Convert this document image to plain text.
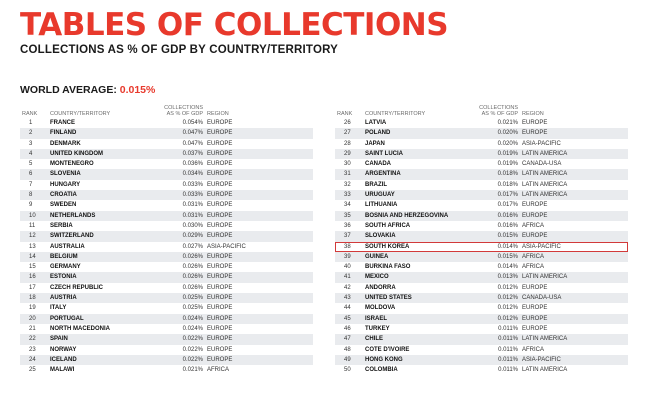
TABLES OF COLLECTIONS
COLLECTIONS AS % OF GDP BY COUNTRY/TERRITORY
WORLD AVERAGE: 0.015%
RANK COUNTRY/TERRITORY
COLLECTIONS
AS % OF GDP REGION
1	FRANCE	0.054% EUROPE
2	FINLAND	0.047% EUROPE
3	DENMARK	0.047% EUROPE
4	UNITED KINGDOM	0.037% EUROPE
5	MONTENEGRO	0.036% EUROPE
6	SLOVENIA	0.034% EUROPE
7	HUNGARY	0.033% EUROPE
8	CROATIA	0.033% EUROPE
9	SWEDEN	0.031% EUROPE
10 NETHERLANDS	0.031% EUROPE
11 SERBIA	0.030% EUROPE
12 SWITZERLAND	0.029% EUROPE
13 AUSTRALIA	0.027% ASIA-PACIFIC
14 BELGIUM	0.026% EUROPE
15 GERMANY	0.026% EUROPE
16 ESTONIA	0.026% EUROPE
17 CZECH REPUBLIC	0.026% EUROPE
18 AUSTRIA	0.025% EUROPE
19 ITALY	0.025% EUROPE
20 PORTUGAL	0.024% EUROPE
21 NORTH MACEDONIA	0.024% EUROPE
22 SPAIN	0.022% EUROPE
23 NORWAY	0.022% EUROPE
24 ICELAND	0.022% EUROPE
25 MALAWI	0.021% AFRICA
RANK COUNTRY/TERRITORY
COLLECTIONS
AS % OF GDP REGION
26 LATVIA	0.021% EUROPE
27 POLAND	0.020% EUROPE
28 JAPAN	0.020% ASIA-PACIFIC
29 SAINT LUCIA	0.019% LATIN AMERICA
30 CANADA	0.019% CANADA-USA
31 ARGENTINA	0.018% LATIN AMERICA
32 BRAZIL	0.018% LATIN AMERICA
33 URUGUAY	0.017% LATIN AMERICA
34 LITHUANIA	0.017% EUROPE
35 BOSNIA AND HERZEGOVINA	0.016% EUROPE
36 SOUTH AFRICA	0.016% AFRICA
37 SLOVAKIA	0.015% EUROPE
38 SOUTH KOREA	0.014% ASIA-PACIFIC
39 GUINEA	0.015% AFRICA
40 BURKINA FASO	0.014% AFRICA
41 MEXICO	0.013% LATIN AMERICA
42 ANDORRA	0.012% EUROPE
43 UNITED STATES	0.012% CANADA-USA
44 MOLDOVA	0.012% EUROPE
45 ISRAEL	0.012% EUROPE
46 TURKEY	0.011% EUROPE
47 CHILE	0.011% LATIN AMERICA
48 COTE D'IVOIRE	0.011% AFRICA
49 HONG KONG	0.011% ASIA-PACIFIC
50 COLOMBIA	0.011% LATIN AMERICA
